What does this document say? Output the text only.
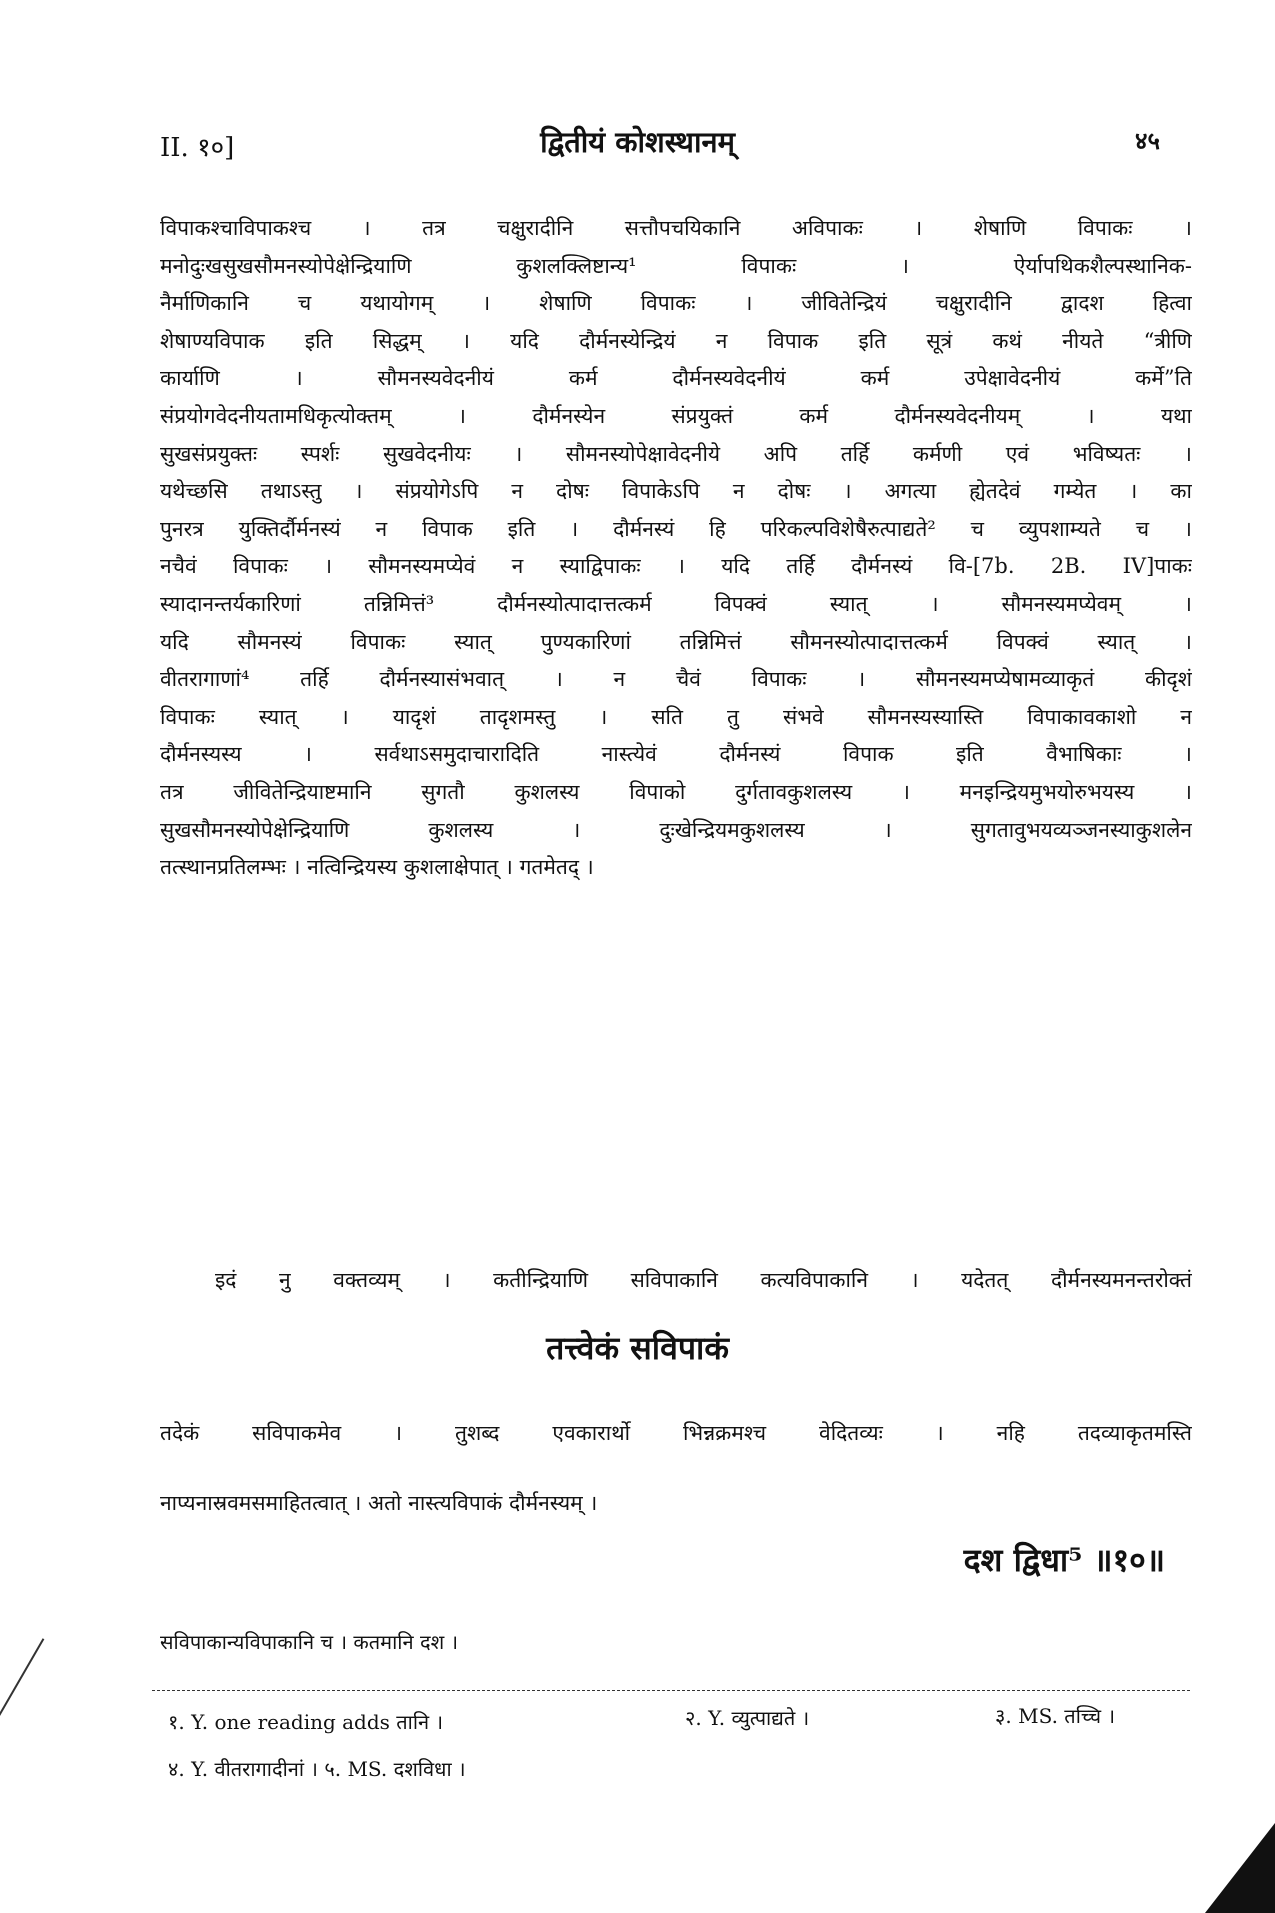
II. १०]	द्वितीयं कोशस्थानम्	४५
विपाकश्चाविपाकश्च । तत्र चक्षुरादीनि सत्तौपचयिकानि अविपाकः । शेषाणि विपाकः ।
मनोदुःखसुखसौमनस्योपेक्षेन्द्रियाणि कुशलक्लिष्टान्य¹ विपाकः । ऐर्यापथिकशैल्पस्थानिक-
नैर्माणिकानि च यथायोगम् । शेषाणि विपाकः । जीवितेन्द्रियं चक्षुरादीनि द्वादश हित्वा
शेषाण्यविपाक इति सिद्धम् । यदि दौर्मनस्येन्द्रियं न विपाक इति सूत्रं कथं नीयते “त्रीणि
कार्याणि । सौमनस्यवेदनीयं कर्म दौर्मनस्यवेदनीयं कर्म उपेक्षावेदनीयं कर्मे”ति
संप्रयोगवेदनीयतामधिकृत्योक्तम् । दौर्मनस्येन संप्रयुक्तं कर्म दौर्मनस्यवेदनीयम् । यथा
सुखसंप्रयुक्तः स्पर्शः सुखवेदनीयः । सौमनस्योपेक्षावेदनीये अपि तर्हि कर्मणी एवं भविष्यतः ।
यथेच्छसि तथाऽस्तु । संप्रयोगेऽपि न दोषः विपाकेऽपि न दोषः । अगत्या ह्येतदेवं गम्येत । का
पुनरत्र युक्तिर्दौर्मनस्यं न विपाक इति । दौर्मनस्यं हि परिकल्पविशेषैरुत्पाद्यते² च व्युपशाम्यते च ।
नचैवं विपाकः । सौमनस्यमप्येवं न स्याद्विपाकः । यदि तर्हि दौर्मनस्यं वि-[7b. 2B. IV]पाकः
स्यादानन्तर्यकारिणां तन्निमित्तं³ दौर्मनस्योत्पादात्तत्कर्म विपक्वं स्यात् । सौमनस्यमप्येवम् ।
यदि सौमनस्यं विपाकः स्यात् पुण्यकारिणां तन्निमित्तं सौमनस्योत्पादात्तत्कर्म विपक्वं स्यात् ।
वीतरागाणां⁴ तर्हि दौर्मनस्यासंभवात् । न चैवं विपाकः । सौमनस्यमप्येषामव्याकृतं कीदृशं
विपाकः स्यात् । यादृशं तादृशमस्तु । सति तु संभवे सौमनस्यस्यास्ति विपाकावकाशो न
दौर्मनस्यस्य । सर्वथाऽसमुदाचारादिति नास्त्येवं दौर्मनस्यं विपाक इति वैभाषिकाः ।
तत्र जीवितेन्द्रियाष्टमानि सुगतौ कुशलस्य विपाको दुर्गतावकुशलस्य । मनइन्द्रियमुभयोरुभयस्य ।
सुखसौमनस्योपेक्षेन्द्रियाणि कुशलस्य । दुःखेन्द्रियमकुशलस्य । सुगतावुभयव्यञ्जनस्याकुशलेन
तत्स्थानप्रतिलम्भः । नत्विन्द्रियस्य कुशलाक्षेपात् । गतमेतद् ।
इदं नु वक्तव्यम् । कतीन्द्रियाणि सविपाकानि कत्यविपाकानि । यदेतत् दौर्मनस्यमनन्तरोक्तं
तत्त्वेकं सविपाकं
तदेकं सविपाकमेव । तुशब्द एवकारार्थो भिन्नक्रमश्च वेदितव्यः । नहि तदव्याकृतमस्ति
नाप्यनास्रवमसमाहितत्वात् । अतो नास्त्यविपाकं दौर्मनस्यम् ।
दश द्विधा⁵ ॥१०॥
सविपाकान्यविपाकानि च । कतमानि दश ।
१. Y. one reading adds तानि ।	२. Y. व्युत्पाद्यते ।	३. MS. तच्चि ।
४. Y. वीतरागादीनां । ५. MS. दशविधा ।
